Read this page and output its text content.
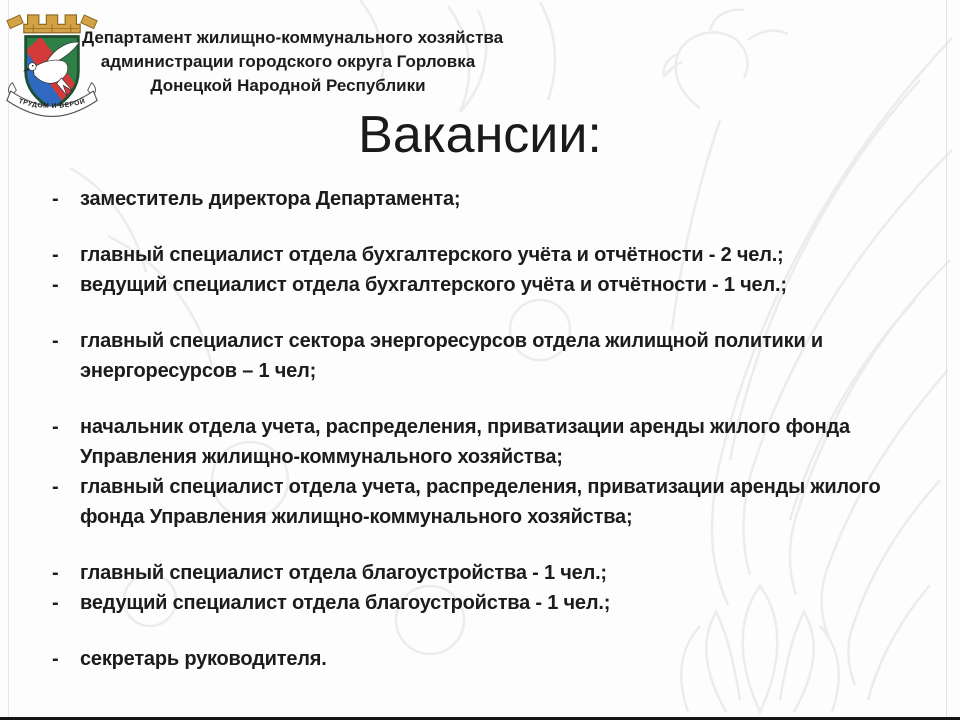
ТРУДОМ И ВЕРОЙ
Департамент жилищно-коммунального хозяйства
администрации городского округа Горловка
Донецкой Народной Республики
Вакансии:
-	заместитель директора Департамента;
-	главный специалист отдела бухгалтерского учёта и отчётности - 2 чел.;
-	ведущий специалист отдела бухгалтерского учёта и отчётности - 1 чел.;
-	главный специалист сектора энергоресурсов отдела жилищной политики и энергоресурсов – 1 чел;
-	начальник отдела учета, распределения, приватизации аренды жилого фонда Управления жилищно-коммунального хозяйства;
-	главный специалист отдела учета, распределения, приватизации аренды жилого фонда Управления жилищно-коммунального хозяйства;
-	главный специалист отдела благоустройства - 1 чел.;
-	ведущий специалист отдела благоустройства - 1 чел.;
-	секретарь руководителя.
